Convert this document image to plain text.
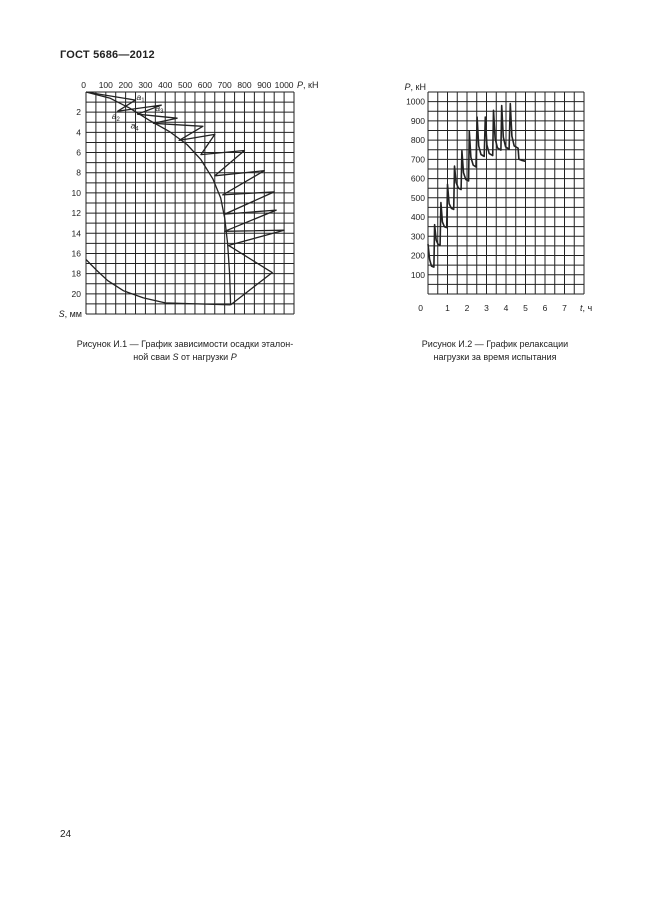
ГОСТ 5686—2012
0 100 200 300 400 500 600 700 800 900 1000 P, кН
2
4
6
8
10
12
14
16
18
20
S, мм
$a_1$
$a_2$
$a_3$
$a_4$
0	1 2 3 4 5 6 7 t, ч
100
200
300
400
500
600
700
800
900
1000
P, кН
Рисунок И.1 — График зависимости осадки эталон-
ной сваи S от нагрузки P
Рисунок И.2 — График релаксации
нагрузки за время испытания
24
